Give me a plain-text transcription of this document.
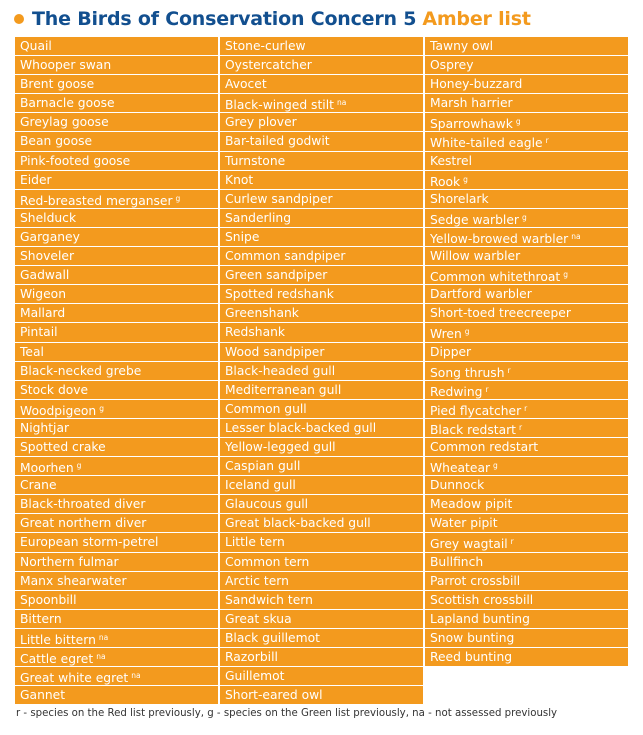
The Birds of Conservation Concern 5 Amber list
Quail
Whooper swan
Brent goose
Barnacle goose
Greylag goose
Bean goose
Pink-footed goose
Eider
Red-breasted merganser $^g$
Shelduck
Garganey
Shoveler
Gadwall
Wigeon
Mallard
Pintail
Teal
Black-necked grebe
Stock dove
Woodpigeon $^g$
Nightjar
Spotted crake
Moorhen $^g$
Crane
Black-throated diver
Great northern diver
European storm-petrel
Northern fulmar
Manx shearwater
Spoonbill
Bittern
Little bittern $^{na}$
Cattle egret $^{na}$
Great white egret $^{na}$
Gannet
Stone-curlew
Oystercatcher
Avocet
Black-winged stilt $^{na}$
Grey plover
Bar-tailed godwit
Turnstone
Knot
Curlew sandpiper
Sanderling
Snipe
Common sandpiper
Green sandpiper
Spotted redshank
Greenshank
Redshank
Wood sandpiper
Black-headed gull
Mediterranean gull
Common gull
Lesser black-backed gull
Yellow-legged gull
Caspian gull
Iceland gull
Glaucous gull
Great black-backed gull
Little tern
Common tern
Arctic tern
Sandwich tern
Great skua
Black guillemot
Razorbill
Guillemot
Short-eared owl
Tawny owl
Osprey
Honey-buzzard
Marsh harrier
Sparrowhawk $^g$
White-tailed eagle $^r$
Kestrel
Rook $^g$
Shorelark
Sedge warbler $^g$
Yellow-browed warbler $^{na}$
Willow warbler
Common whitethroat $^g$
Dartford warbler
Short-toed treecreeper
Wren $^g$
Dipper
Song thrush $^r$
Redwing $^r$
Pied flycatcher $^r$
Black redstart $^r$
Common redstart
Wheatear $^g$
Dunnock
Meadow pipit
Water pipit
Grey wagtail $^r$
Bullfinch
Parrot crossbill
Scottish crossbill
Lapland bunting
Snow bunting
Reed bunting
r - species on the Red list previously, g - species on the Green list previously, na - not assessed previously
